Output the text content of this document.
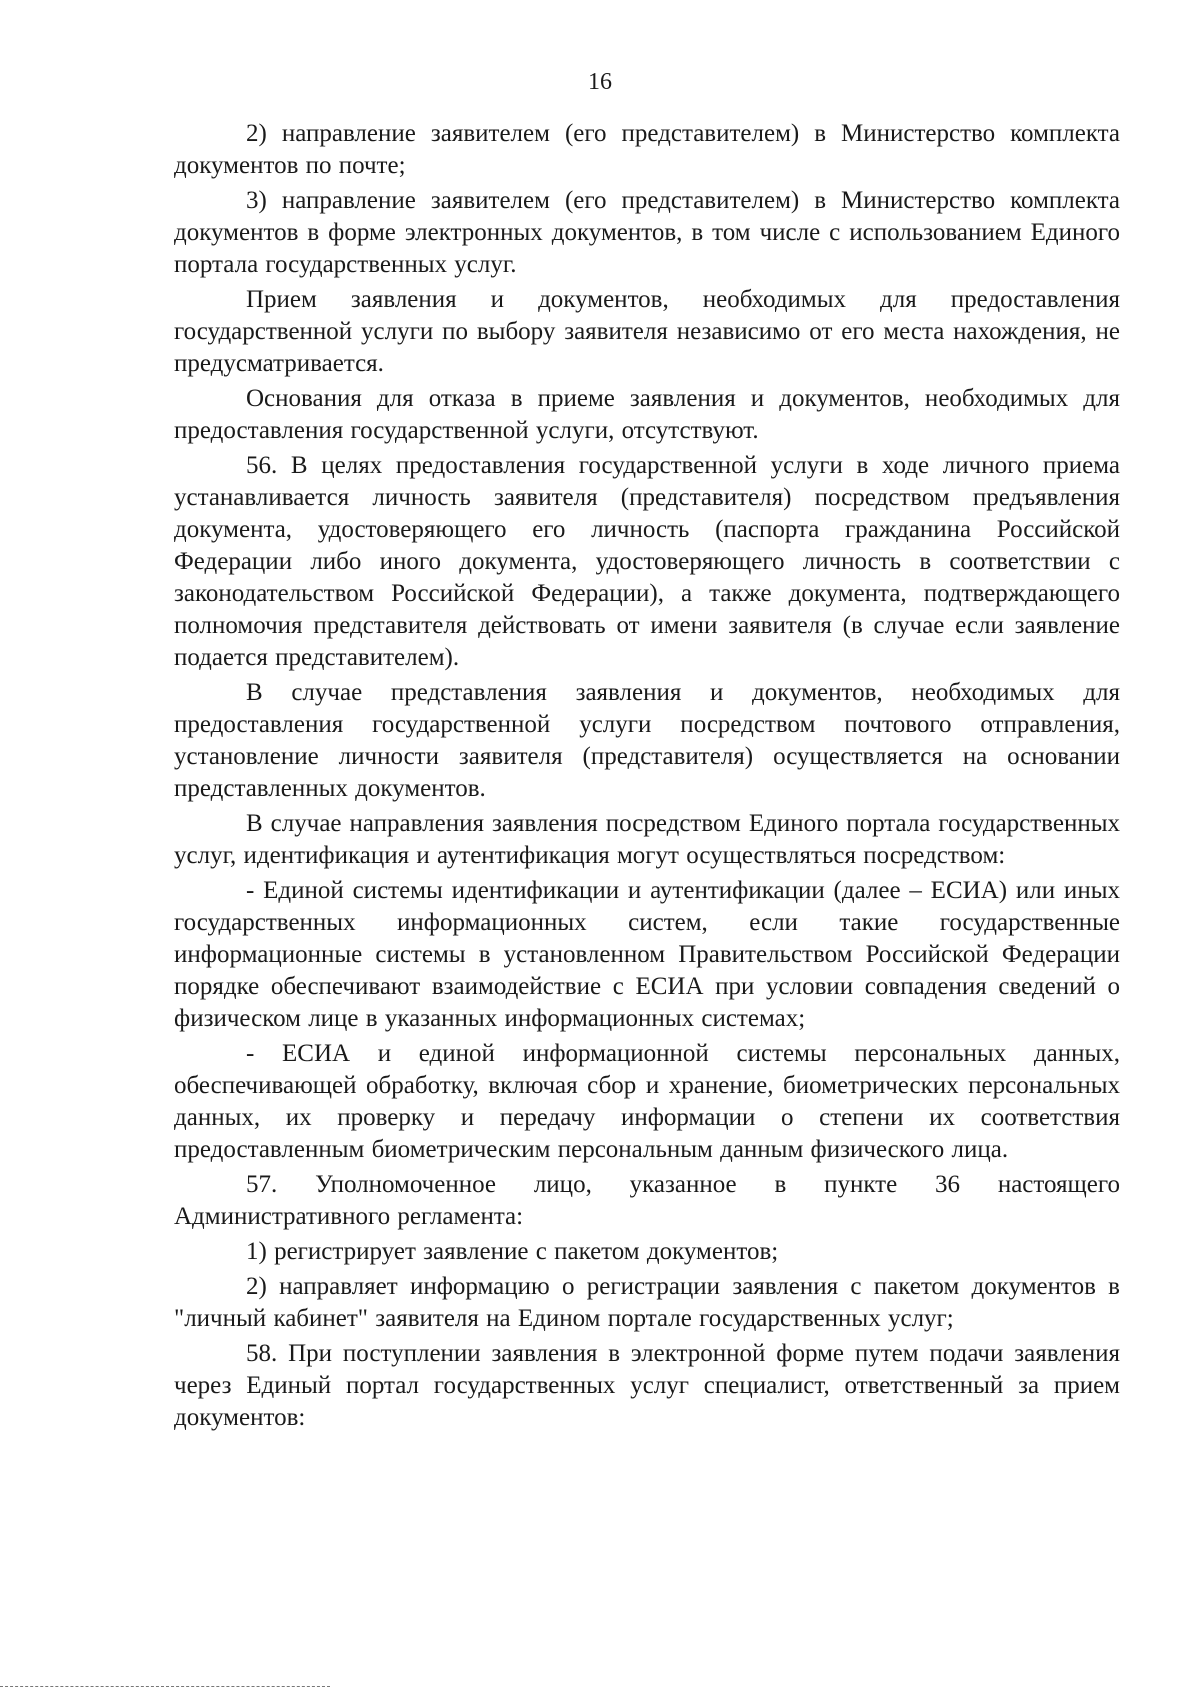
16

2) направление заявителем (его представителем) в Министерство комплекта документов по почте;

3) направление заявителем (его представителем) в Министерство комплекта документов в форме электронных документов, в том числе с использованием Единого портала государственных услуг.

Прием заявления и документов, необходимых для предоставления государственной услуги по выбору заявителя независимо от его места нахождения, не предусматривается.

Основания для отказа в приеме заявления и документов, необходимых для предоставления государственной услуги, отсутствуют.

56. В целях предоставления государственной услуги в ходе личного приема устанавливается личность заявителя (представителя) посредством предъявления документа, удостоверяющего его личность (паспорта гражданина Российской Федерации либо иного документа, удостоверяющего личность в соответствии с законодательством Российской Федерации), а также документа, подтверждающего полномочия представителя действовать от имени заявителя (в случае если заявление подается представителем).

В случае представления заявления и документов, необходимых для предоставления государственной услуги посредством почтового отправления, установление личности заявителя (представителя) осуществляется на основании представленных документов.

В случае направления заявления посредством Единого портала государственных услуг, идентификация и аутентификация могут осуществляться посредством:

- Единой системы идентификации и аутентификации (далее – ЕСИА) или иных государственных информационных систем, если такие государственные информационные системы в установленном Правительством Российской Федерации порядке обеспечивают взаимодействие с ЕСИА при условии совпадения сведений о физическом лице в указанных информационных системах;

- ЕСИА и единой информационной системы персональных данных, обеспечивающей обработку, включая сбор и хранение, биометрических персональных данных, их проверку и передачу информации о степени их соответствия предоставленным биометрическим персональным данным физического лица.

57. Уполномоченное лицо, указанное в пункте 36 настоящего Административного регламента:

1) регистрирует заявление с пакетом документов;

2) направляет информацию о регистрации заявления с пакетом документов в "личный кабинет" заявителя на Едином портале государственных услуг;

58. При поступлении заявления в электронной форме путем подачи заявления через Единый портал государственных услуг специалист, ответственный за прием документов:
